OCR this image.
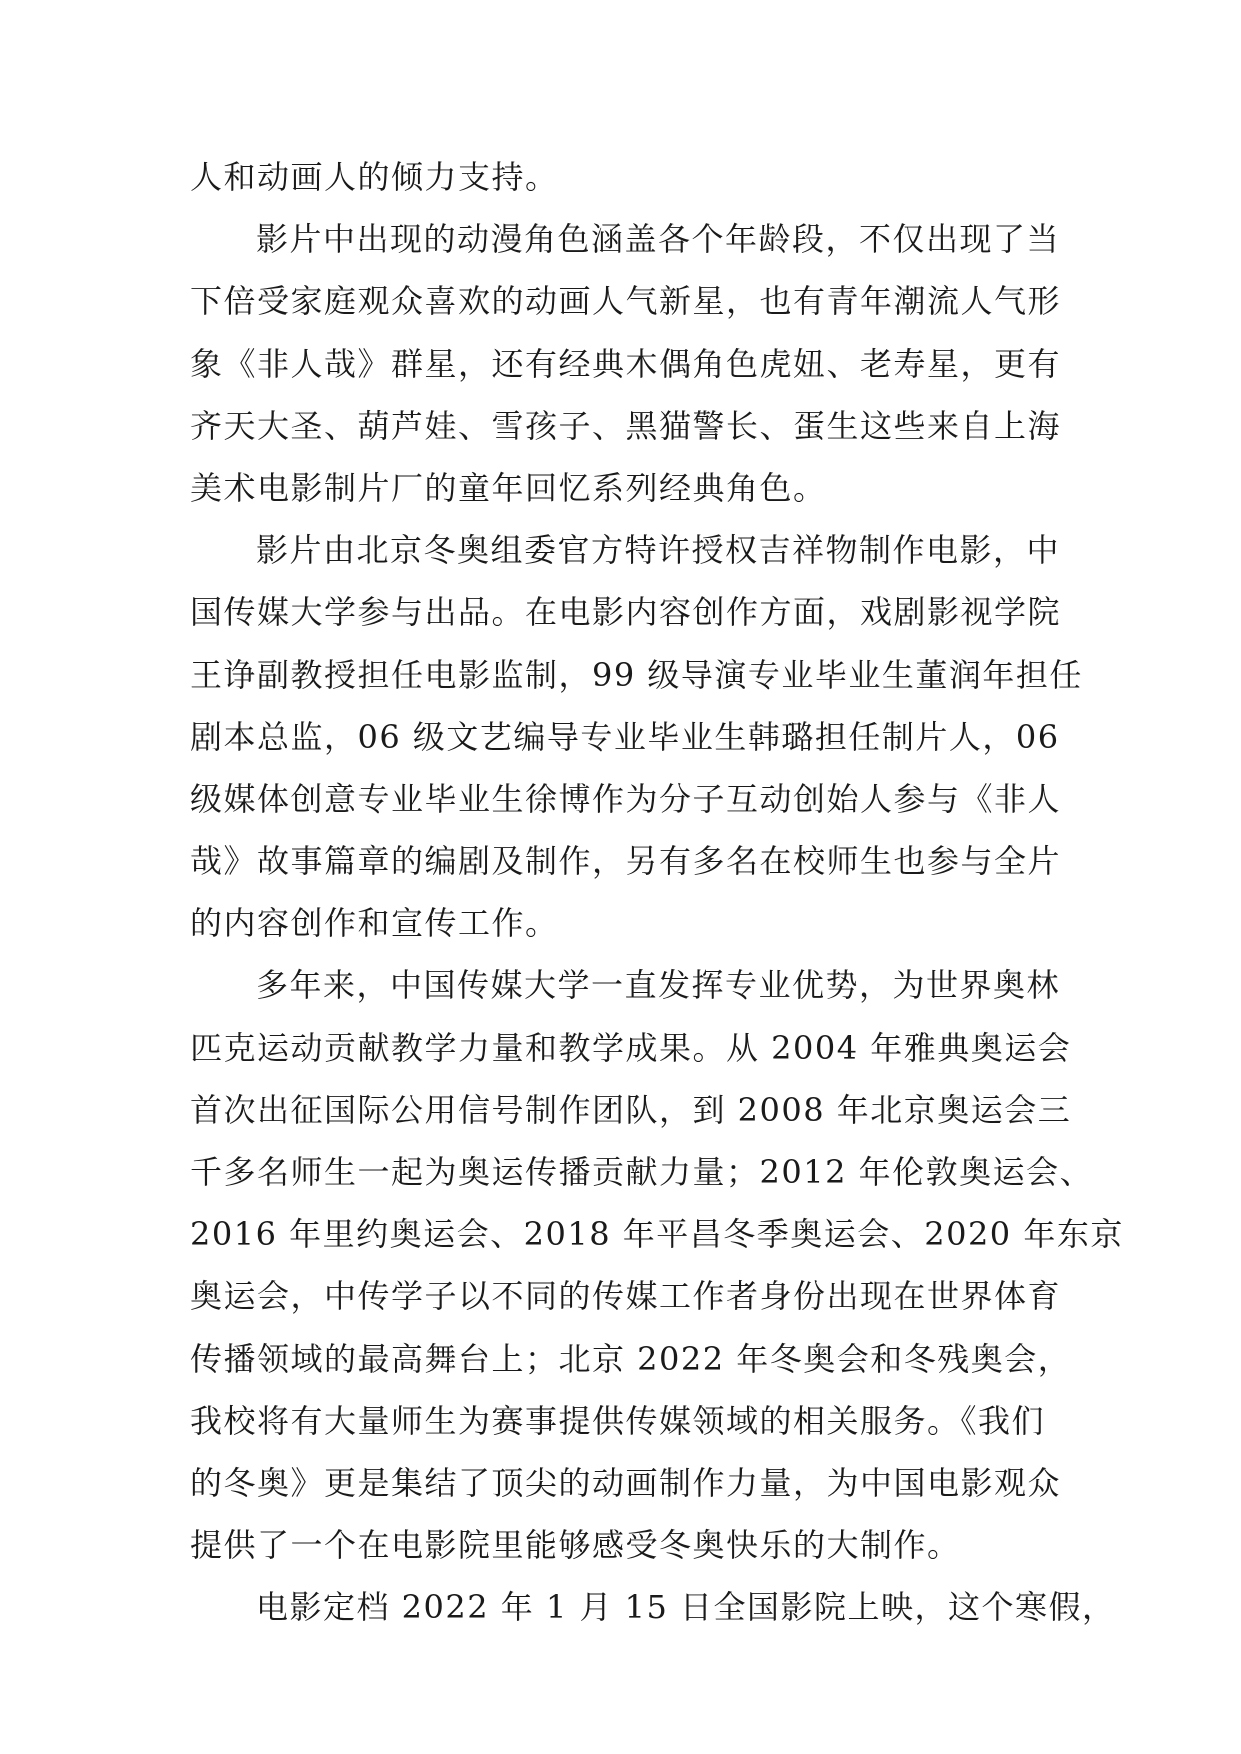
人和动画人的倾力支持。
影片中出现的动漫角色涵盖各个年龄段，不仅出现了当
下倍受家庭观众喜欢的动画人气新星，也有青年潮流人气形
象《非人哉》群星，还有经典木偶角色虎妞、老寿星，更有
齐天大圣、葫芦娃、雪孩子、黑猫警长、蛋生这些来自上海
美术电影制片厂的童年回忆系列经典角色。
影片由北京冬奥组委官方特许授权吉祥物制作电影，中
国传媒大学参与出品。在电影内容创作方面，戏剧影视学院
王诤副教授担任电影监制，99 级导演专业毕业生董润年担任
剧本总监，06 级文艺编导专业毕业生韩璐担任制片人，06
级媒体创意专业毕业生徐博作为分子互动创始人参与《非人
哉》故事篇章的编剧及制作，另有多名在校师生也参与全片
的内容创作和宣传工作。
多年来，中国传媒大学一直发挥专业优势，为世界奥林
匹克运动贡献教学力量和教学成果。从 2004 年雅典奥运会
首次出征国际公用信号制作团队，到 2008 年北京奥运会三
千多名师生一起为奥运传播贡献力量；2012 年伦敦奥运会、
2016 年里约奥运会、2018 年平昌冬季奥运会、2020 年东京
奥运会，中传学子以不同的传媒工作者身份出现在世界体育
传播领域的最高舞台上；北京 2022 年冬奥会和冬残奥会，
我校将有大量师生为赛事提供传媒领域的相关服务。《我们
的冬奥》更是集结了顶尖的动画制作力量，为中国电影观众
提供了一个在电影院里能够感受冬奥快乐的大制作。
电影定档 2022 年 1 月 15 日全国影院上映，这个寒假，
